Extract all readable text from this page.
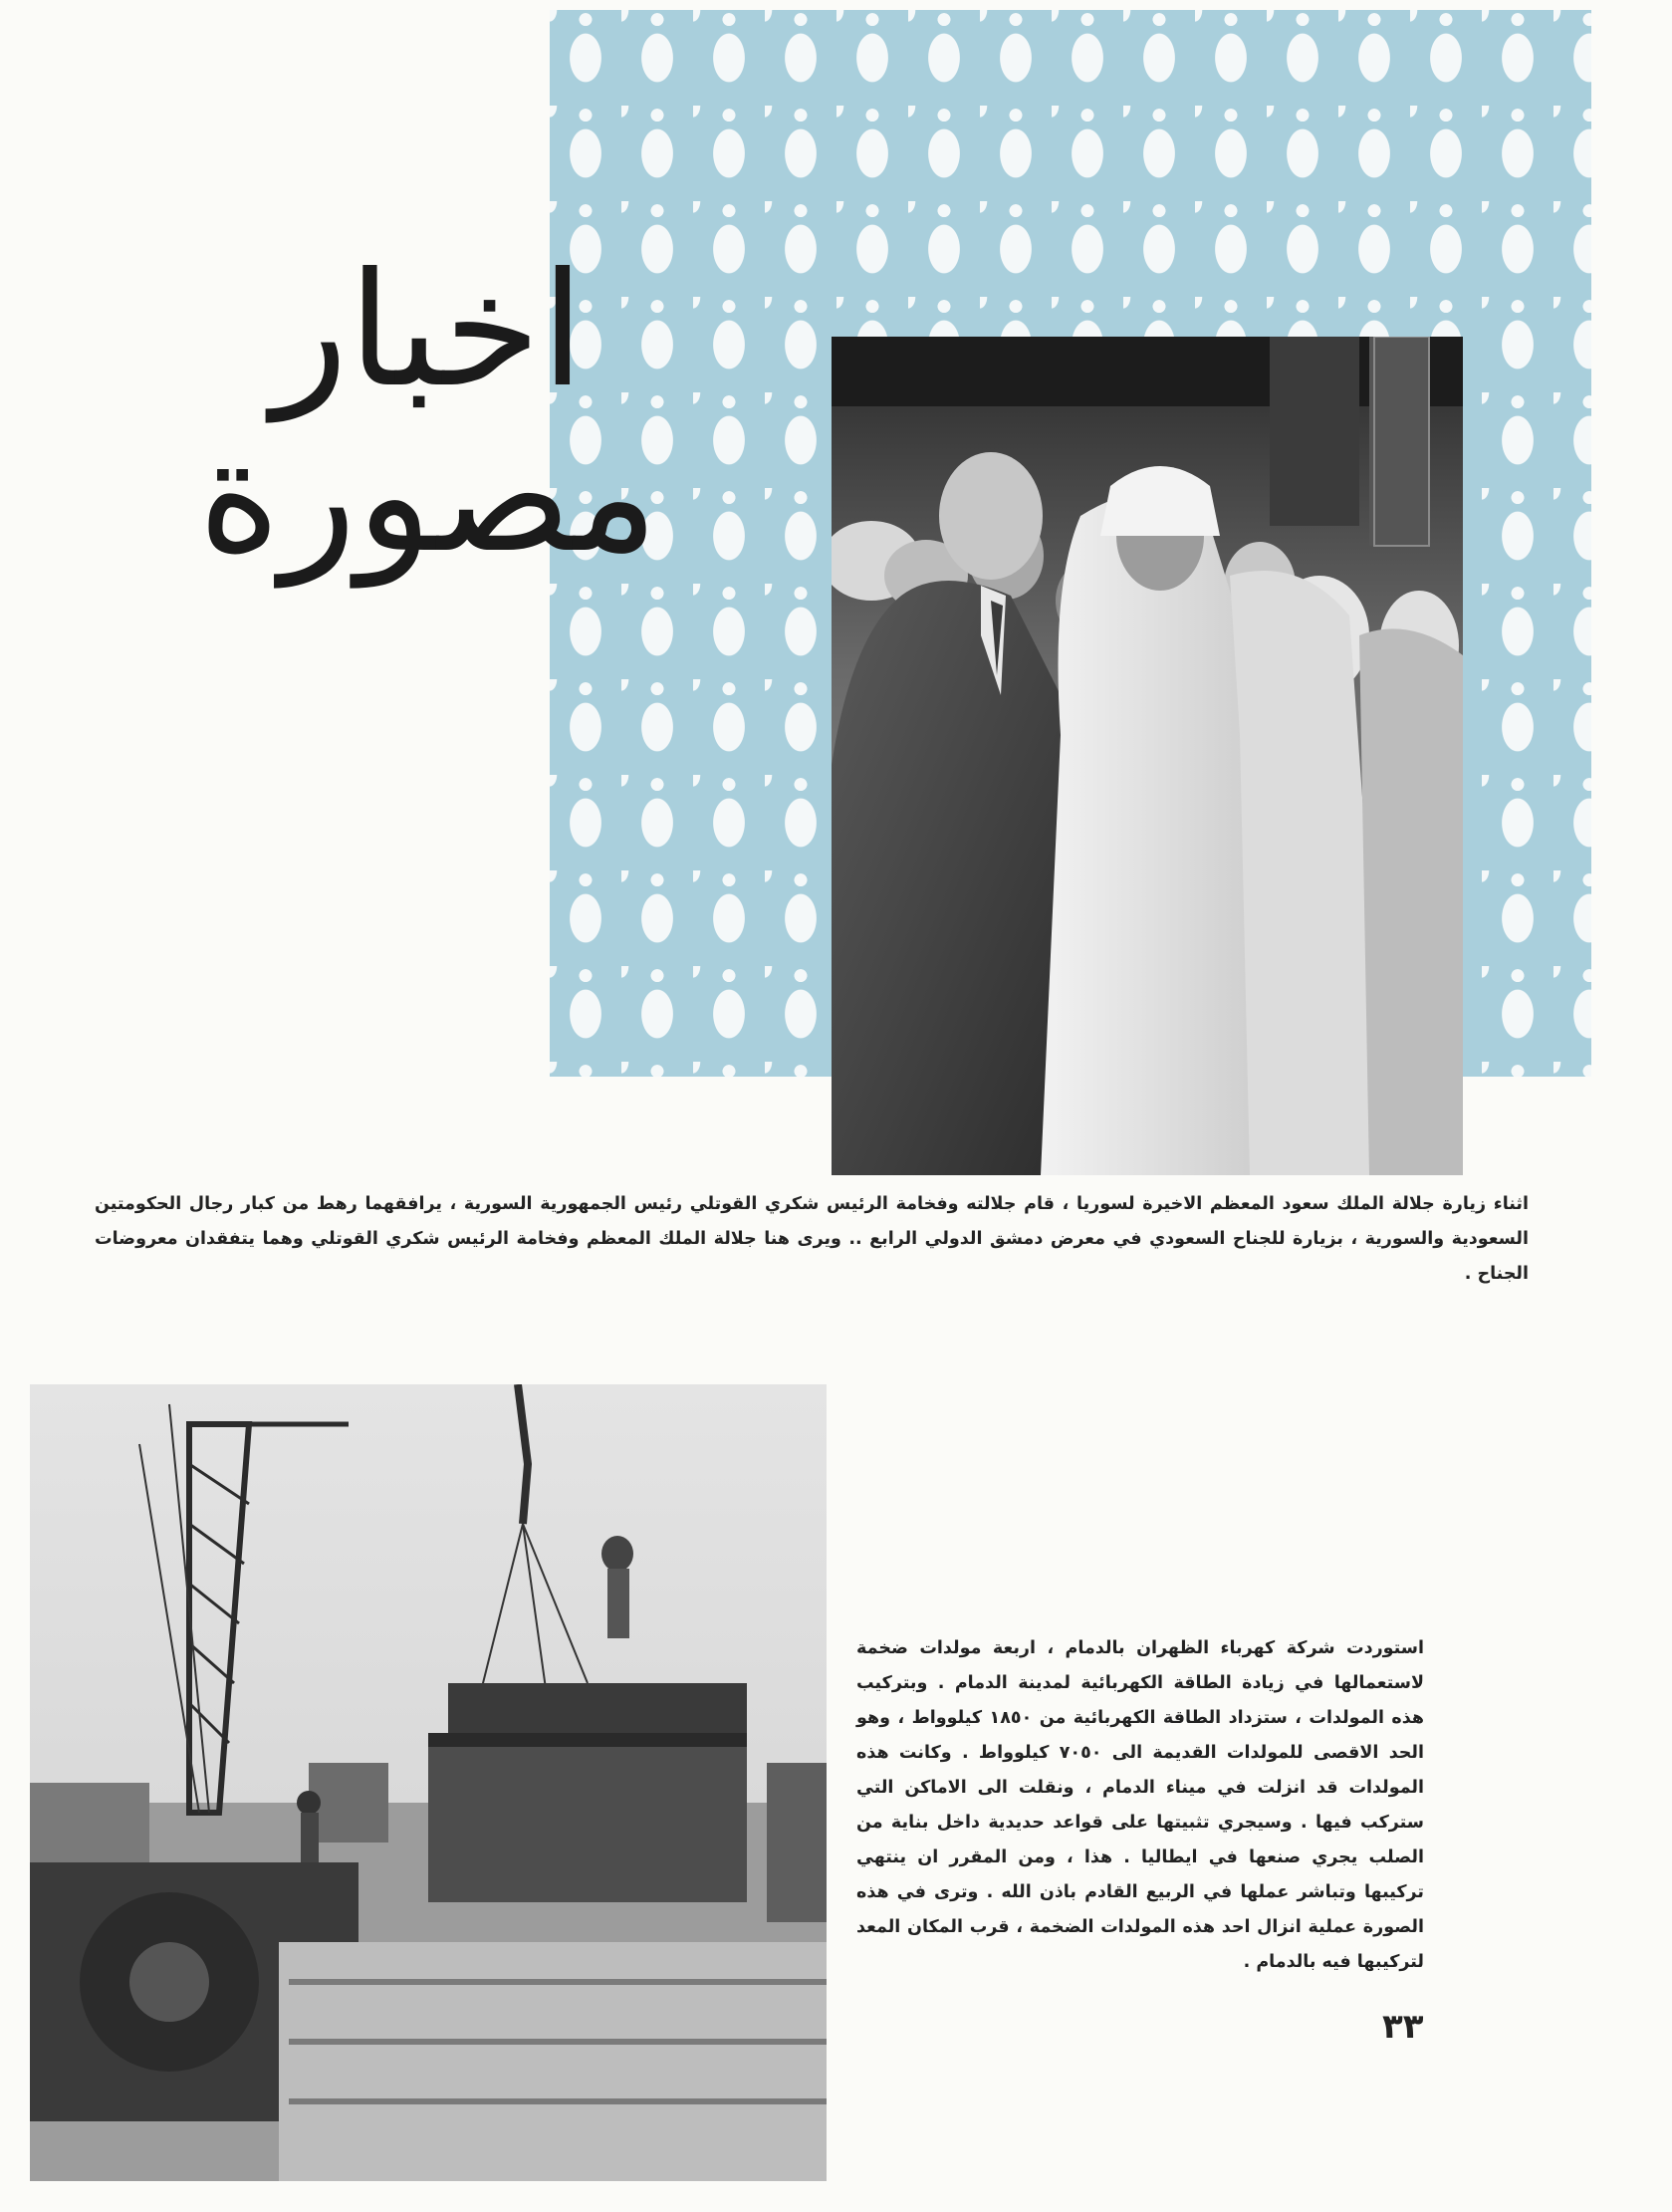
اخبار
مصورة
اثناء زيارة جلالة الملك سعود المعظم الاخيرة لسوريا ، قام جلالته وفخامة الرئيس شكري القوتلي رئيس الجمهورية السورية ، يرافقهما رهط من كبار رجال الحكومتين السعودية والسورية ، بزيارة للجناح السعودي في معرض دمشق الدولي الرابع .. ويرى هنا جلالة الملك المعظم وفخامة الرئيس شكري القوتلي وهما يتفقدان معروضات الجناح .
استوردت شركة كهرباء الظهران بالدمام ، اربعة مولدات ضخمة لاستعمالها في زيادة الطاقة الكهربائية لمدينة الدمام . وبتركيب هذه المولدات ، ستزداد الطاقة الكهربائية من ١٨٥٠ كيلوواط ، وهو الحد الاقصى للمولدات القديمة الى ٧٠٥٠ كيلوواط . وكانت هذه المولدات قد انزلت في ميناء الدمام ، ونقلت الى الاماكن التي ستركب فيها . وسيجري تثبيتها على قواعد حديدية داخل بناية من الصلب يجري صنعها في ايطاليا . هذا ، ومن المقرر ان ينتهي تركيبها وتباشر عملها في الربيع القادم باذن الله . وترى في هذه الصورة عملية انزال احد هذه المولدات الضخمة ، قرب المكان المعد لتركيبها فيه بالدمام .
٣٣
